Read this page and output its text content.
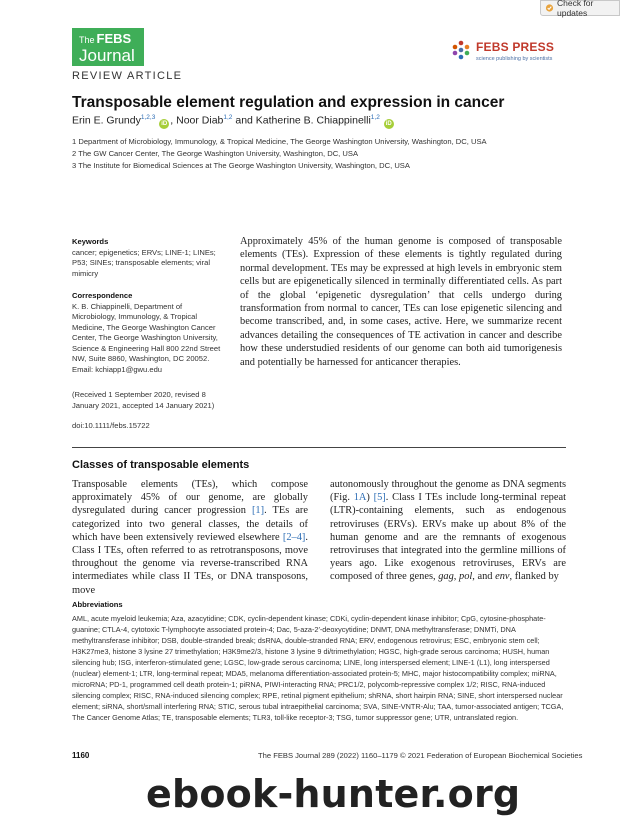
Check for updates
The FEBS
Journal	FEBS PRESS
science publishing by scientists
REVIEW ARTICLE
Transposable element regulation and expression in cancer
Erin E. Grundy$^{1,2,3}$ iD , Noor Diab$^{1,2}$ and Katherine B. Chiappinelli$^{1,2}$ iD
1 Department of Microbiology, Immunology, & Tropical Medicine, The George Washington University, Washington, DC, USA
2 The GW Cancer Center, The George Washington University, Washington, DC, USA
3 The Institute for Biomedical Sciences at The George Washington University, Washington, DC, USA
Keywords
cancer; epigenetics; ERVs; LINE-1; LINEs; P53; SINEs; transposable elements; viral mimicry
Correspondence
K. B. Chiappinelli, Department of Microbiology, Immunology, & Tropical Medicine, The George Washington Cancer Center, The George Washington University, Science & Engineering Hall 800 22nd Street NW, Suite 8860, Washington, DC 20052.
Email: kchiapp1@gwu.edu
(Received 1 September 2020, revised 8 January 2021, accepted 14 January 2021)
doi:10.1111/febs.15722
Approximately 45% of the human genome is composed of transposable elements (TEs). Expression of these elements is tightly regulated during normal development. TEs may be expressed at high levels in embryonic stem cells but are epigenetically silenced in terminally differentiated cells. As part of the global ‘epigenetic dysregulation’ that cells undergo during transformation from normal to cancer, TEs can lose epigenetic silencing and become transcribed, and, in some cases, active. Here, we summarize recent advances detailing the consequences of TE activation in cancer and describe how these understudied residents of our genome can both aid tumorigenesis and potentially be harnessed for anticancer therapies.
Classes of transposable elements
Transposable elements (TEs), which compose approximately 45% of our genome, are globally dysregulated during cancer progression [1]. TEs are categorized into two general classes, the details of which have been extensively reviewed elsewhere [2–4]. Class I TEs, often referred to as retrotransposons, move throughout the genome via reverse-transcribed RNA intermediates while class II TEs, or DNA transposons, move
autonomously throughout the genome as DNA segments (Fig. 1A) [5]. Class I TEs include long-terminal repeat (LTR)-containing elements, such as endogenous retroviruses (ERVs). ERVs make up about 8% of the human genome and are the remnants of exogenous retroviruses that integrated into the germline millions of years ago. Like exogenous retroviruses, ERVs are composed of three genes, gag, pol, and env, flanked by
Abbreviations
AML, acute myeloid leukemia; Aza, azacytidine; CDK, cyclin-dependent kinase; CDKi, cyclin-dependent kinase inhibitor; CpG, cytosine-phosphate-guanine; CTLA-4, cytotoxic T-lymphocyte associated protein-4; Dac, 5-aza-2′-deoxycytidine; DNMT, DNA methyltransferase; DNMTi, DNA methyltransferase inhibitor; DSB, double-stranded break; dsRNA, double-stranded RNA; ERV, endogenous retrovirus; ESC, embryonic stem cell; H3K27me3, histone 3 lysine 27 trimethylation; H3K9me2/3, histone 3 lysine 9 di/trimethylation; HGSC, high-grade serous carcinoma; HUSH, human silencing hub; ISG, interferon-stimulated gene; LGSC, low-grade serous carcinoma; LINE, long interspersed element; LINE-1 (L1), long interspersed (nuclear) element-1; LTR, long-terminal repeat; MDA5, melanoma differentiation-associated protein-5; MHC, major histocompatibility complex; miRNA, microRNA; PD-1, programmed cell death protein-1; piRNA, PIWI-interacting RNA; PRC1/2, polycomb-repressive complex 1/2; RISC, RNA-induced silencing complex; RISC, RNA-induced silencing complex; RPE, retinal pigment epithelium; shRNA, short hairpin RNA; SINE, short interspersed nuclear element; siRNA, short/small interfering RNA; STIC, serous tubal intraepithelial carcinoma; SVA, SINE-VNTR-Alu; TAA, tumor-associated antigen; TCGA, The Cancer Genome Atlas; TE, transposable elements; TLR3, toll-like receptor-3; TSG, tumor suppressor gene; UTR, untranslated region.
1160	The FEBS Journal 289 (2022) 1160–1179 © 2021 Federation of European Biochemical Societies
ebook-hunter.org
